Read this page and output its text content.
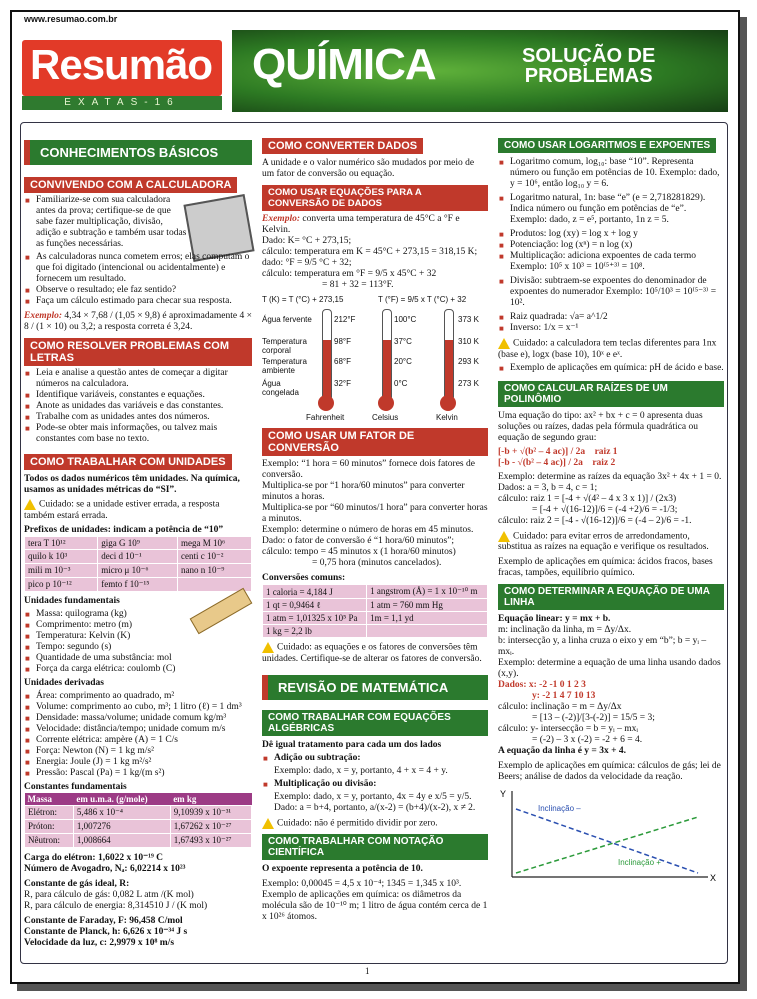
www.resumao.com.br
Resumão
EXATAS-16
QUÍMICA	SOLUÇÃO DE
PROBLEMAS
CONHECIMENTOS BÁSICOS
CONVIVENDO COM A CALCULADORA
■ Familiarize-se com sua calculadora antes da prova; certifique-se de que sabe fazer multiplicação, divisão, adição e subtração e também usar todas as funções necessárias.
■ As calculadoras nunca cometem erros; elas computam o que foi digitado (intencional ou acidentalmente) e fornecem um resultado.
■ Observe o resultado; ele faz sentido?
■ Faça um cálculo estimado para checar sua resposta.

Exemplo: 4,34 × 7,68 / (1,05 × 9,8) é aproximadamente 4 × 8 / (1 × 10) ou 3,2; a resposta correta é 3,24.

COMO RESOLVER PROBLEMAS COM LETRAS
■ Leia e analise a questão antes de começar a digitar números na calculadora.
■ Identifique variáveis, constantes e equações.
■ Anote as unidades das variáveis e das constantes.
■ Trabalhe com as unidades antes dos números.
■ Pode-se obter mais informações, ou talvez mais constantes com base no texto.
COMO TRABALHAR COM UNIDADES

Todos os dados numéricos têm unidades. Na química, usamos as unidades métricas do “SI”.

Cuidado: se a unidade estiver errada, a resposta também estará errada.

Prefixos de unidades: indicam a potência de “10”

tera T 10¹²	giga G 10⁹	mega M 10⁶
quilo k 10³	deci d 10⁻¹	centi c 10⁻²
mili m 10⁻³	micro μ 10⁻⁶	nano n 10⁻⁹
pico p 10⁻¹²	femto f 10⁻¹⁵	

Unidades fundamentais

■ Massa: quilograma (kg)
■ Comprimento: metro (m)
■ Temperatura: Kelvin (K)
■ Tempo: segundo (s)
■ Quantidade de uma substância: mol
■ Força da carga elétrica: coulomb (C)

Unidades derivadas

■ Área: comprimento ao quadrado, m²
■ Volume: comprimento ao cubo, m³; 1 litro (ℓ) = 1 dm³
■ Densidade: massa/volume; unidade comum kg/m³
■ Velocidade: distância/tempo; unidade comum m/s
■ Corrente elétrica: ampère (A) = 1 C/s
■ Força: Newton (N) = 1 kg m/s²
■ Energia: Joule (J) = 1 kg m²/s²
■ Pressão: Pascal (Pa) = 1 kg/(m s²)

Constantes fundamentais

Massa	em u.m.a. (g/mole)	em kg
Elétron:	5,486 x 10⁻⁴	9,10939 x 10⁻³¹
Próton:	1,007276	1,67262 x 10⁻²⁷
Nêutron:	1,008664	1,67493 x 10⁻²⁷

Carga do elétron: 1,6022 x 10⁻¹⁹ C

Número de Avogadro, Nₐ: 6,02214 x 10²³

Constante de gás ideal, R:

R, para cálculo de gás: 0,082 L atm /(K mol)

R, para cálculo de energia: 8,314510 J / (K mol)

Constante de Faraday, F: 96,458 C/mol

Constante de Planck, h: 6,626 x 10⁻³⁴ J s

Velocidade da luz, c: 2,9979 x 10⁸ m/s

COMO CONVERTER DADOS

A unidade e o valor numérico são mudados por meio de um fator de conversão ou equação.

COMO USAR EQUAÇÕES PARA A CONVERSÃO DE DADOS

Exemplo: converta uma temperatura de 45°C a °F e Kelvin.

Dado: K= °C + 273,15;

cálculo: temperatura em K = 45°C + 273,15 = 318,15 K;

dado: °F = 9/5 °C + 32;

cálculo: temperatura em °F = 9/5 x 45°C + 32

= 81 + 32 = 113°F.

T (K) = T (°C) + 273,15	T (°F) = 9/5 x T (°C) + 32
Água fervente	212°F	100°C	373 K
Temperatura corporal
98°F	37°C	310 K
Temperatura ambiente
68°F	20°C	293 K
Água congelada
32°F	0°C	273 K
Fahrenheit	Celsius	Kelvin
COMO USAR UM FATOR DE CONVERSÃO

Exemplo: “1 hora = 60 minutos” fornece dois fatores de conversão.

Multiplica-se por “1 hora/60 minutos” para converter minutos a horas.

Multiplica-se por “60 minutos/1 hora” para converter horas a minutos.

Exemplo: determine o número de horas em 45 minutos.

Dado: o fator de conversão é “1 hora/60 minutos”;

cálculo: tempo = 45 minutos x (1 hora/60 minutos)

= 0,75 hora (minutos cancelados).

Conversões comuns:

1 caloria = 4,184 J	1 angstrom (Å) = 1 x 10⁻¹⁰ m
1 qt = 0,9464 ℓ	1 atm = 760 mm Hg
1 atm = 1,01325 x 10⁵ Pa	1m = 1,1 yd
1 kg = 2,2 lb	

Cuidado: as equações e os fatores de conversões têm unidades. Certifique-se de alterar os fatores de conversão.

REVISÃO DE MATEMÁTICA
COMO TRABALHAR COM EQUAÇÕES ALGÉBRICAS

Dê igual tratamento para cada um dos lados

■ Adição ou subtração:

Exemplo: dado, x = y, portanto, 4 + x = 4 + y.

■ Multiplicação ou divisão:

Exemplo: dado, x = y, portanto, 4x = 4y e x/5 = y/5.

Dado: a = b+4, portanto, a/(x-2) = (b+4)/(x-2), x ≠ 2.

Cuidado: não é permitido dividir por zero.

COMO TRABALHAR COM NOTAÇÃO CIENTÍFICA

O expoente representa a potência de 10.

Exemplo: 0,00045 = 4,5 x 10⁻⁴; 1345 = 1,345 x 10³.

Exemplo de aplicações em química: os diâmetros da molécula são de 10⁻¹⁰ m; 1 litro de água contém cerca de 1 x 10²⁶ átomos.

COMO USAR LOGARITMOS E EXPOENTES
■ Logaritmo comum, log₁₀: base “10”. Representa número ou função em potências de 10. Exemplo: dado, y = 10⁶, então log₁₀ y = 6.
■ Logaritmo natural, 1n: base “e” (e = 2,718281829). Indica número ou função em potências de “e”. Exemplo: dado, z = e⁵, portanto, 1n z = 5.
■ Produtos: log (xy) = log x + log y
■ Potenciação: log (xⁿ) = n log (x)
■ Multiplicação: adiciona expoentes de cada termo Exemplo: 10⁵ x 10³ = 10⁽⁵⁺³⁾ = 10⁸.
■ Divisão: subtraem-se expoentes do denominador de expoentes do numerador Exemplo: 10⁵/10³ = 10⁽⁵⁻³⁾ = 10².
■ Raiz quadrada: √a= a^1/2
■ Inverso: 1/x = x⁻¹

Cuidado: a calculadora tem teclas diferentes para 1nx (base e), logx (base 10), 10ˣ e eˣ.

■ Exemplo de aplicações em química: pH de ácido e base.
COMO CALCULAR RAÍZES DE UM POLINÔMIO

Uma equação do tipo: ax² + bx + c = 0 apresenta duas soluções ou raízes, dadas pela fórmula quadrática ou equação de segundo grau:

[-b + √(b² – 4 ac)] / 2a raiz 1

[-b - √(b² – 4 ac)] / 2a raiz 2

Exemplo: determine as raízes da equação 3x² + 4x + 1 = 0.

Dados: a = 3, b = 4, c = 1;

cálculo: raiz 1 = [-4 + √(4² – 4 x 3 x 1)] / (2x3)

= [-4 + √(16-12)]/6 = (-4 +2)/6 = -1/3;

cálculo: raiz 2 = [-4 - √(16-12)]/6 = (-4 – 2)/6 = -1.

Cuidado: para evitar erros de arredondamento, substitua as raízes na equação e verifique os resultados.

Exemplo de aplicações em química: ácidos fracos, bases fracas, tampões, equilíbrio químico.

COMO DETERMINAR A EQUAÇÃO DE UMA LINHA

Equação linear: y = mx + b.

m: inclinação da linha, m = Δy/Δx.

b: intersecção y, a linha cruza o eixo y em “b”; b = yᵢ – mxᵢ.

Exemplo: determine a equação de uma linha usando dados (x,y).

Dados: x: -2 -1 0 1 2 3

y: -2 1 4 7 10 13

cálculo: inclinação = m = Δy/Δx

= [13 – (-2)]/[3-(-2)] = 15/5 = 3;

cálculo: y- intersecção = b = yᵢ – mxᵢ

= (-2) – 3 x (-2) = -2 + 6 = 4.

A equação da linha é y = 3x + 4.

Exemplo de aplicações em química: cálculos de gás; lei de Beers; análise de dados da velocidade da reação.

Y
X
Inclinação –
Inclinação +
1
